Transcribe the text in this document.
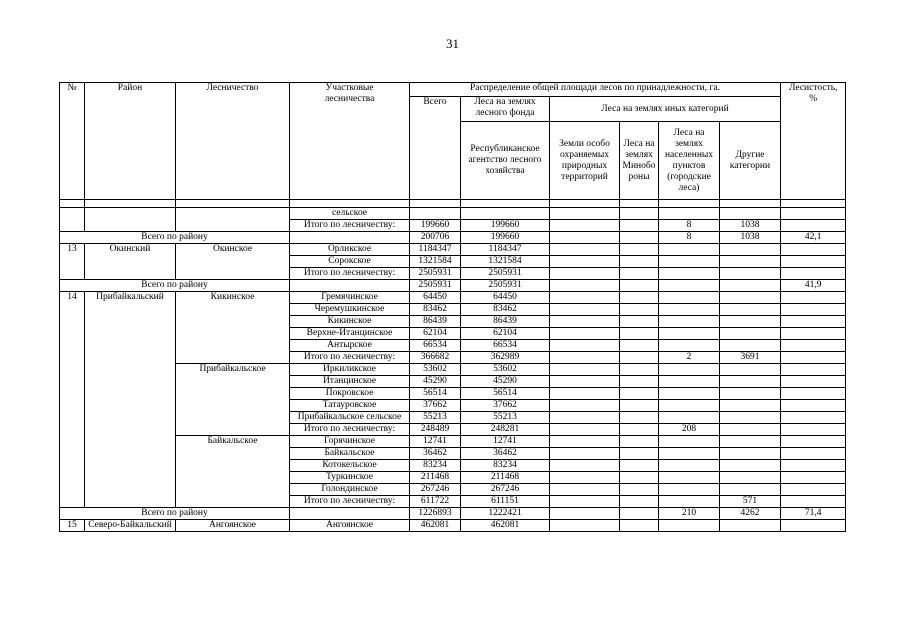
31
№	Район	Лесничество	Участковые лесничества	Распределение общей площади лесов по принадлежности, га.						Лесистость, %
				Всего	Леса на землях лесного фонда	Леса на землях иных категорий				
					Республиканское агентство лесного хозяйства	Земли особо охраняемых природных территорий	Леса на землях Минобо роны	Леса на землях населенных пунктов (городские леса)	Другие категории	

			сельское							
			Итого по лесничеству:	199660	199660			8	1038	
Всего по району				200706	199660			8	1038	42,1
13	Окинский	Окинское	Орликское	1184347	1184347					
			Сорокское	1321584	1321584					
			Итого по лесничеству:	2505931	2505931					
Всего по району				2505931	2505931					41,9
14	Прибайкальский	Кикинское	Гремячинское	64450	64450					
			Черемушкинское	83462	83462					
			Кикинское	86439	86439					
			Верхне-Итанцинское	62104	62104					
			Антырское	66534	66534					
			Итого по лесничеству:	366682	362989			2	3691	
		Прибайкальское	Иркиликское	53602	53602					
			Итанцинское	45290	45290					
			Покровское	56514	56514					
			Татауровское	37662	37662					
			Прибайкальское сельское	55213	55213					
			Итого по лесничеству:	248489	248281			208		
		Байкальское	Горячинское	12741	12741					
			Байкальское	36462	36462					
			Котокельское	83234	83234					
			Туркинское	211468	211468					
			Голондинское	267246	267246					
			Итого по лесничеству:	611722	611151				571	
Всего по району				1226893	1222421			210	4262	71,4
15	Северо-Байкальский	Ангоянское	Ангоянское	462081	462081					
